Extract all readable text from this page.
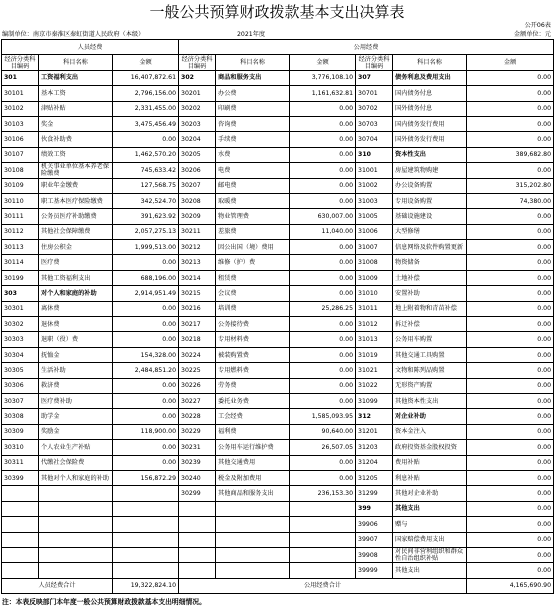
一般公共预算财政拨款基本支出决算表
公开06表
编制单位：南京市秦淮区秦虹街道人民政府（本级）	2021年度	金额单位：元
人员经费			公用经费					
经济分类科目编码	科目名称	金额	经济分类科目编码	科目名称	金额	经济分类科目编码	科目名称	金额
301	工资福利支出	16,407,872.61	302	商品和服务支出	3,776,108.10	307	债务利息及费用支出	0.00
30101	基本工资	2,796,156.00	30201	办公费	1,161,632.81	30701	国内债务付息	0.00
30102	津贴补贴	2,331,455.00	30202	印刷费	0.00	30702	国外债务付息	0.00
30103	奖金	3,475,456.49	30203	咨询费	0.00	30703	国内债务发行费用	0.00
30106	伙食补助费	0.00	30204	手续费	0.00	30704	国外债务发行费用	0.00
30107	绩效工资	1,462,570.20	30205	水费	0.00	310	资本性支出	389,682.80
30108	机关事业单位基本养老保险缴费	745,633.42	30206	电费	0.00	31001	房屋建筑物购建	0.00
30109	职业年金缴费	127,568.75	30207	邮电费	0.00	31002	办公设备购置	315,202.80
30110	职工基本医疗保险缴费	342,524.70	30208	取暖费	0.00	31003	专用设备购置	74,380.00
30111	公务员医疗补助缴费	391,623.92	30209	物业管理费	630,007.00	31005	基础设施建设	0.00
30112	其他社会保障缴费	2,057,275.13	30211	差旅费	11,040.00	31006	大型修缮	0.00
30113	住房公积金	1,999,513.00	30212	因公出国（境）费用	0.00	31007	信息网络及软件购置更新	0.00
30114	医疗费	0.00	30213	维修（护）费	0.00	31008	物资储备	0.00
30199	其他工资福利支出	688,196.00	30214	租赁费	0.00	31009	土地补偿	0.00
303	对个人和家庭的补助	2,914,951.49	30215	会议费	0.00	31010	安置补助	0.00
30301	离休费	0.00	30216	培训费	25,286.25	31011	地上附着物和青苗补偿	0.00
30302	退休费	0.00	30217	公务接待费	0.00	31012	拆迁补偿	0.00
30303	退职（役）费	0.00	30218	专用材料费	0.00	31013	公务用车购置	0.00
30304	抚恤金	154,328.00	30224	被装购置费	0.00	31019	其他交通工具购置	0.00
30305	生活补助	2,484,851.20	30225	专用燃料费	0.00	31021	文物和陈列品购置	0.00
30306	救济费	0.00	30226	劳务费	0.00	31022	无形资产购置	0.00
30307	医疗费补助	0.00	30227	委托业务费	0.00	31099	其他资本性支出	0.00
30308	助学金	0.00	30228	工会经费	1,585,093.95	312	对企业补助	0.00
30309	奖励金	118,900.00	30229	福利费	90,640.00	31201	资本金注入	0.00
30310	个人农业生产补贴	0.00	30231	公务用车运行维护费	26,507.05	31203	政府投资基金股权投资	0.00
30311	代缴社会保险费	0.00	30239	其他交通费用	0.00	31204	费用补贴	0.00
30399	其他对个人和家庭的补助	156,872.29	30240	税金及附加费用	0.00	31205	利息补贴	0.00
			30299	其他商品和服务支出	236,153.30	31299	其他对企业补助	0.00
						399	其他支出	0.00
						39906	赠与	0.00
						39907	国家赔偿费用支出	0.00
						39908	对民间非营利组织和群众性自治组织补贴	0.00
						39999	其他支出	0.00
人员经费合计		19,322,824.10	公用经费合计					4,165,690.90
注：本表反映部门本年度一般公共预算财政拨款基本支出明细情况。
